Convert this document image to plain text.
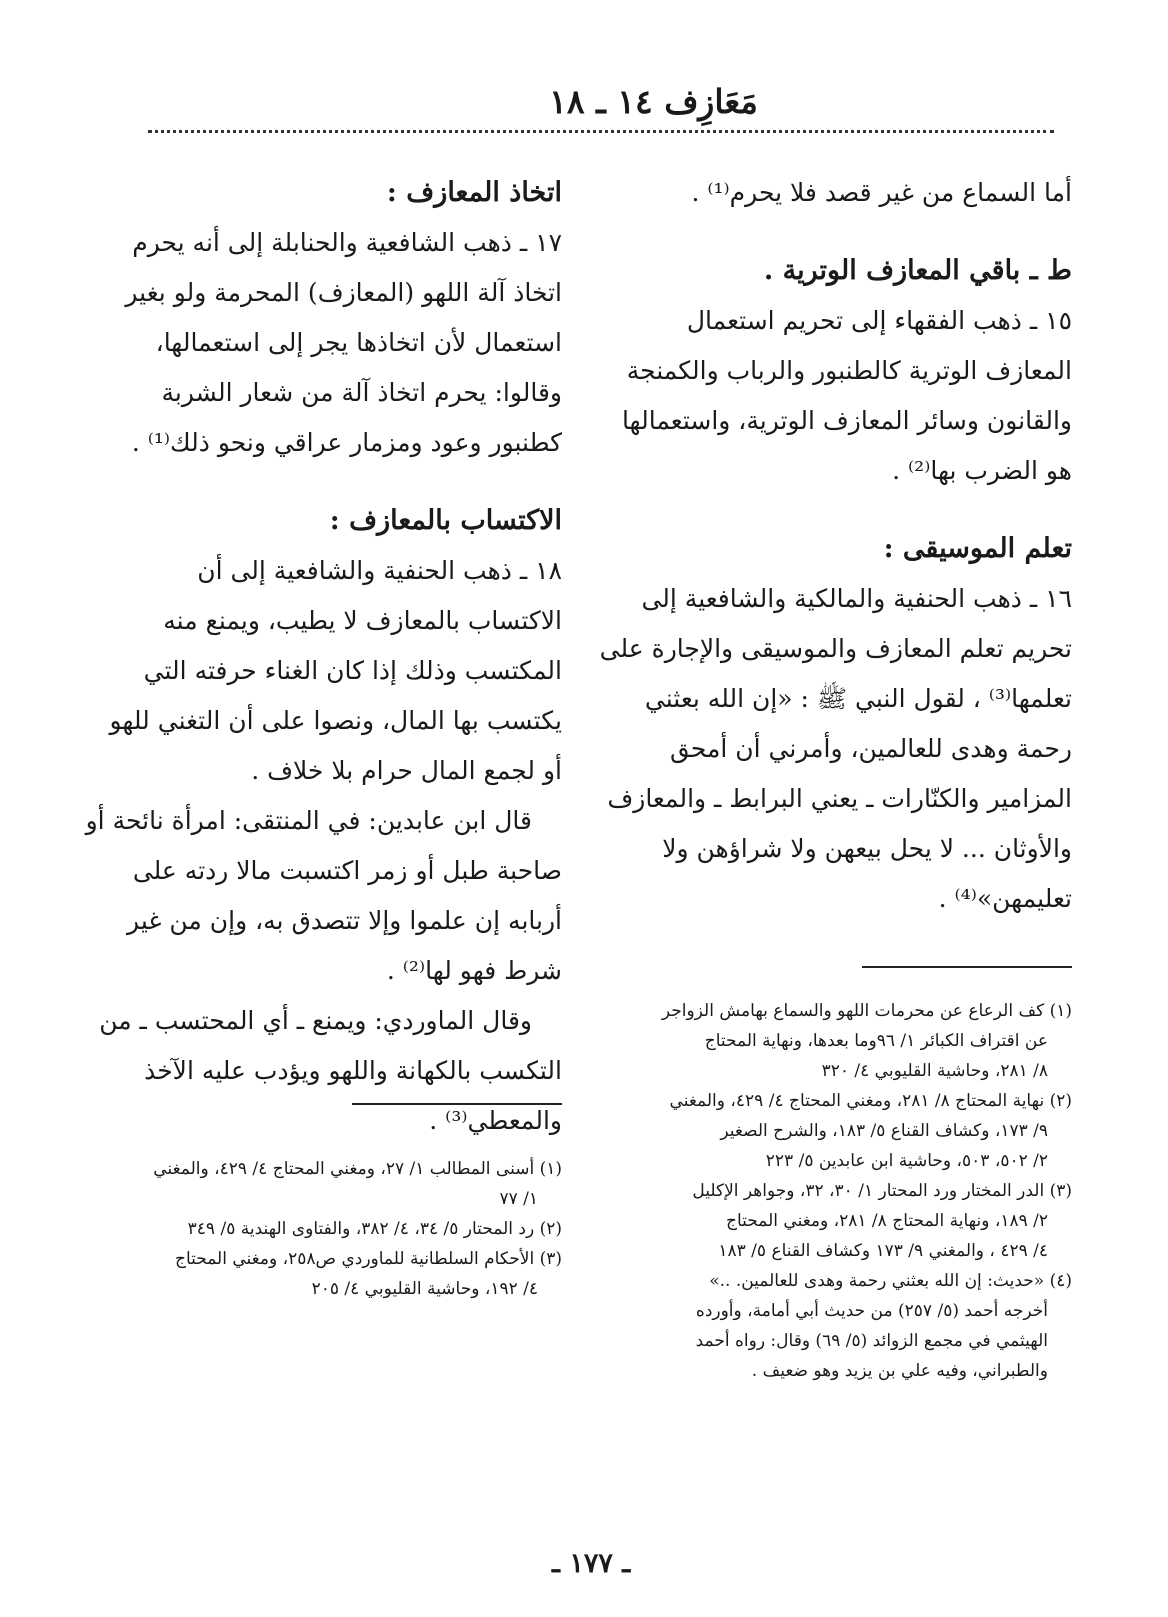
مَعَازِف ١٤ ـ ١٨
أما السماع من غير قصد فلا يحرم⁽¹⁾ .
ط ـ باقي المعازف الوترية .
١٥ ـ ذهب الفقهاء إلى تحريم استعمال
المعازف الوترية كالطنبور والرباب والكمنجة
والقانون وسائر المعازف الوترية، واستعمالها
هو الضرب بها⁽²⁾ .
تعلم الموسيقى :
١٦ ـ ذهب الحنفية والمالكية والشافعية إلى
تحريم تعلم المعازف والموسيقى والإجارة على
تعلمها⁽³⁾ ، لقول النبي ﷺ : «إن الله بعثني
رحمة وهدى للعالمين، وأمرني أن أمحق
المزامير والكنّارات ـ يعني البرابط ـ والمعازف
والأوثان ... لا يحل بيعهن ولا شراؤهن ولا
تعليمهن»⁽⁴⁾ .
اتخاذ المعازف :
١٧ ـ ذهب الشافعية والحنابلة إلى أنه يحرم
اتخاذ آلة اللهو (المعازف) المحرمة ولو بغير
استعمال لأن اتخاذها يجر إلى استعمالها،
وقالوا: يحرم اتخاذ آلة من شعار الشربة
كطنبور وعود ومزمار عراقي ونحو ذلك⁽¹⁾ .
الاكتساب بالمعازف :
١٨ ـ ذهب الحنفية والشافعية إلى أن
الاكتساب بالمعازف لا يطيب، ويمنع منه
المكتسب وذلك إذا كان الغناء حرفته التي
يكتسب بها المال، ونصوا على أن التغني للهو
أو لجمع المال حرام بلا خلاف .
قال ابن عابدين: في المنتقى: امرأة نائحة أو
صاحبة طبل أو زمر اكتسبت مالا ردته على
أربابه إن علموا وإلا تتصدق به، وإن من غير
شرط فهو لها⁽²⁾ .
وقال الماوردي: ويمنع ـ أي المحتسب ـ من
التكسب بالكهانة واللهو ويؤدب عليه الآخذ
والمعطي⁽³⁾ .
(١) كف الرعاع عن محرمات اللهو والسماع بهامش الزواجر
عن اقتراف الكبائر ١/ ٩٦وما بعدها، ونهاية المحتاج
٨/ ٢٨١، وحاشية القليوبي ٤/ ٣٢٠
(٢) نهاية المحتاج ٨/ ٢٨١، ومغني المحتاج ٤/ ٤٢٩، والمغني
٩/ ١٧٣، وكشاف القناع ٥/ ١٨٣، والشرح الصغير
٢/ ٥٠٢، ٥٠٣، وحاشية ابن عابدين ٥/ ٢٢٣
(٣) الدر المختار ورد المحتار ١/ ٣٠، ٣٢، وجواهر الإكليل
٢/ ١٨٩، ونهاية المحتاج ٨/ ٢٨١، ومغني المحتاج
٤/ ٤٢٩ ، والمغني ٩/ ١٧٣ وكشاف القناع ٥/ ١٨٣
(٤) «حديث: إن الله بعثني رحمة وهدى للعالمين. ..»
أخرجه أحمد (٥/ ٢٥٧) من حديث أبي أمامة، وأورده
الهيثمي في مجمع الزوائد (٥/ ٦٩) وقال: رواه أحمد
والطبراني، وفيه علي بن يزيد وهو ضعيف .
(١) أسنى المطالب ١/ ٢٧، ومغني المحتاج ٤/ ٤٢٩، والمغني
١/ ٧٧
(٢) رد المحتار ٥/ ٣٤، ٤/ ٣٨٢، والفتاوى الهندية ٥/ ٣٤٩
(٣) الأحكام السلطانية للماوردي ص٢٥٨، ومغني المحتاج
٤/ ١٩٢، وحاشية القليوبي ٤/ ٢٠٥
ـ ١٧٧ ـ
